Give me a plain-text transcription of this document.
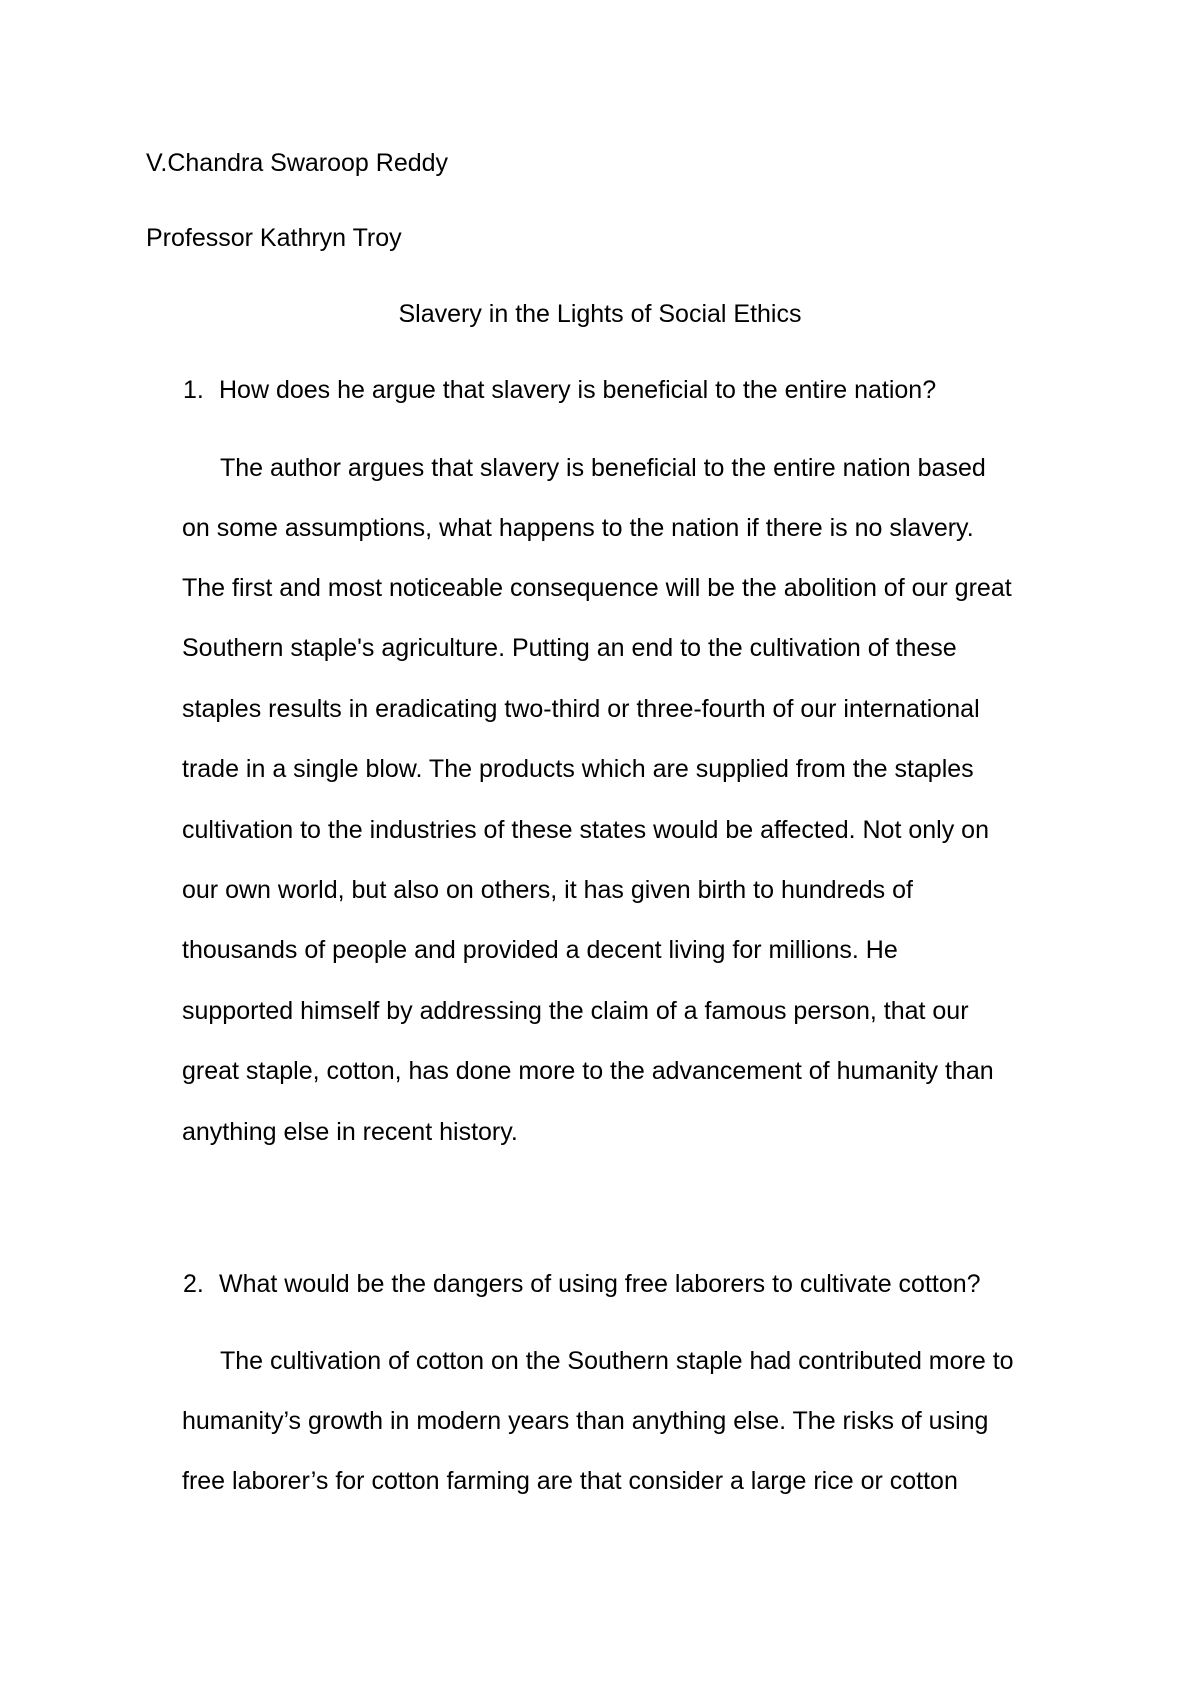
V.Chandra Swaroop Reddy

Professor Kathryn Troy

Slavery in the Lights of Social Ethics

1. How does he argue that slavery is beneficial to the entire nation?

The author argues that slavery is beneficial to the entire nation based

on some assumptions, what happens to the nation if there is no slavery.

The first and most noticeable consequence will be the abolition of our great

Southern staple's agriculture. Putting an end to the cultivation of these

staples results in eradicating two-third or three-fourth of our international

trade in a single blow. The products which are supplied from the staples

cultivation to the industries of these states would be affected. Not only on

our own world, but also on others, it has given birth to hundreds of

thousands of people and provided a decent living for millions. He

supported himself by addressing the claim of a famous person, that our

great staple, cotton, has done more to the advancement of humanity than

anything else in recent history.

2. What would be the dangers of using free laborers to cultivate cotton?

The cultivation of cotton on the Southern staple had contributed more to

humanity’s growth in modern years than anything else. The risks of using

free laborer’s for cotton farming are that consider a large rice or cotton
